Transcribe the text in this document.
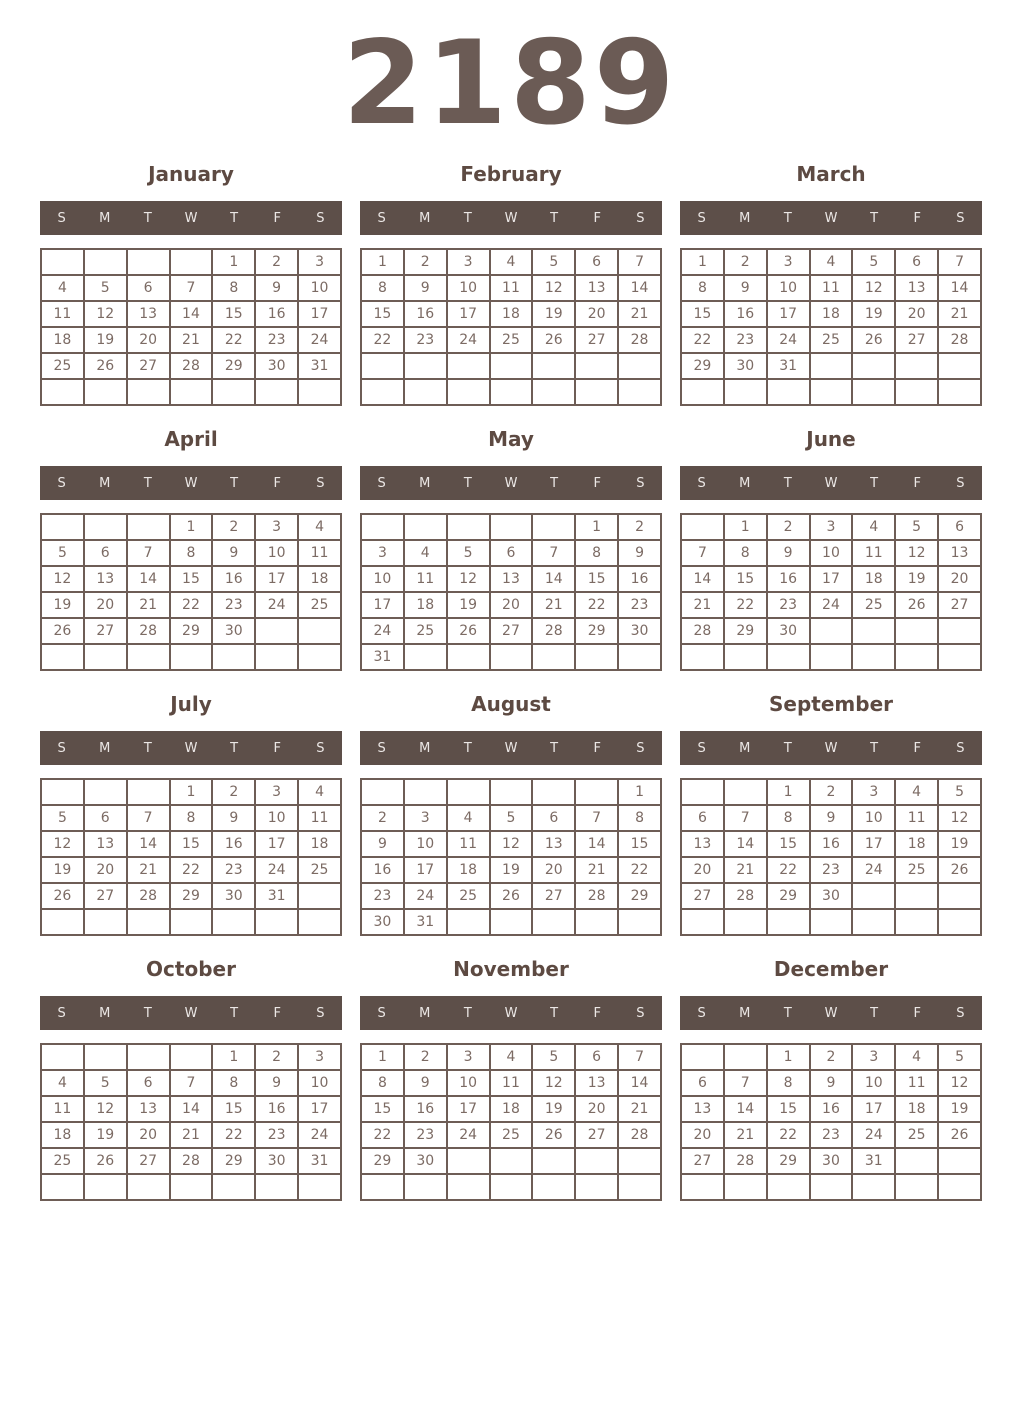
2189
January
S	M	T	W	T	F	S
				1	2	3
4	5	6	7	8	9	10
11	12	13	14	15	16	17
18	19	20	21	22	23	24
25	26	27	28	29	30	31

February
S	M	T	W	T	F	S
1	2	3	4	5	6	7
8	9	10	11	12	13	14
15	16	17	18	19	20	21
22	23	24	25	26	27	28

March
S	M	T	W	T	F	S
1	2	3	4	5	6	7
8	9	10	11	12	13	14
15	16	17	18	19	20	21
22	23	24	25	26	27	28
29	30	31				

April
S	M	T	W	T	F	S
			1	2	3	4
5	6	7	8	9	10	11
12	13	14	15	16	17	18
19	20	21	22	23	24	25
26	27	28	29	30		

May
S	M	T	W	T	F	S
					1	2
3	4	5	6	7	8	9
10	11	12	13	14	15	16
17	18	19	20	21	22	23
24	25	26	27	28	29	30
31						
June
S	M	T	W	T	F	S
	1	2	3	4	5	6
7	8	9	10	11	12	13
14	15	16	17	18	19	20
21	22	23	24	25	26	27
28	29	30				

July
S	M	T	W	T	F	S
			1	2	3	4
5	6	7	8	9	10	11
12	13	14	15	16	17	18
19	20	21	22	23	24	25
26	27	28	29	30	31	

August
S	M	T	W	T	F	S
						1
2	3	4	5	6	7	8
9	10	11	12	13	14	15
16	17	18	19	20	21	22
23	24	25	26	27	28	29
30	31					
September
S	M	T	W	T	F	S
		1	2	3	4	5
6	7	8	9	10	11	12
13	14	15	16	17	18	19
20	21	22	23	24	25	26
27	28	29	30			

October
S	M	T	W	T	F	S
				1	2	3
4	5	6	7	8	9	10
11	12	13	14	15	16	17
18	19	20	21	22	23	24
25	26	27	28	29	30	31

November
S	M	T	W	T	F	S
1	2	3	4	5	6	7
8	9	10	11	12	13	14
15	16	17	18	19	20	21
22	23	24	25	26	27	28
29	30					

December
S	M	T	W	T	F	S
		1	2	3	4	5
6	7	8	9	10	11	12
13	14	15	16	17	18	19
20	21	22	23	24	25	26
27	28	29	30	31		
